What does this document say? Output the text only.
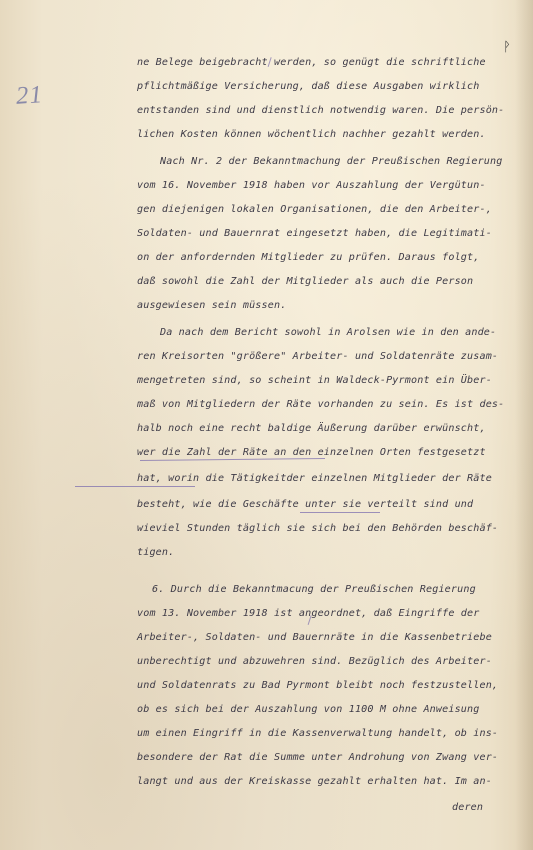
21
ᚹ
ne Belege beigebracht werden, so genügt die schriftliche
pflichtmäßige Versicherung, daß diese Ausgaben wirklich
entstanden sind und dienstlich notwendig waren. Die persön-
lichen Kosten können wöchentlich nachher gezahlt werden.
Nach Nr. 2 der Bekanntmachung der Preußischen Regierung
vom 16. November 1918 haben vor Auszahlung der Vergütun-
gen diejenigen lokalen Organisationen, die den Arbeiter-,
Soldaten- und Bauernrat eingesetzt haben, die Legitimati-
on der anfordernden Mitglieder zu prüfen. Daraus folgt,
daß sowohl die Zahl der Mitglieder als auch die Person
ausgewiesen sein müssen.
Da nach dem Bericht sowohl in Arolsen wie in den ande-
ren Kreisorten "größere" Arbeiter- und Soldatenräte zusam-
mengetreten sind, so scheint in Waldeck-Pyrmont ein Über-
maß von Mitgliedern der Räte vorhanden zu sein. Es ist des-
halb noch eine recht baldige Äußerung darüber erwünscht,
wer die Zahl der Räte an den einzelnen Orten festgesetzt
hat, worin die Tätigkeitder einzelnen Mitglieder der Räte
besteht, wie die Geschäfte unter sie verteilt sind und
wieviel Stunden täglich sie sich bei den Behörden beschäf-
tigen.
6. Durch die Bekanntmacung der Preußischen Regierung
vom 13. November 1918 ist angeordnet, daß Eingriffe der
Arbeiter-, Soldaten- und Bauernräte in die Kassenbetriebe
unberechtigt und abzuwehren sind. Bezüglich des Arbeiter-
und Soldatenrats zu Bad Pyrmont bleibt noch festzustellen,
ob es sich bei der Auszahlung von 1100 M ohne Anweisung
um einen Eingriff in die Kassenverwaltung handelt, ob ins-
besondere der Rat die Summe unter Androhung von Zwang ver-
langt und aus der Kreiskasse gezahlt erhalten hat. Im an-
deren
